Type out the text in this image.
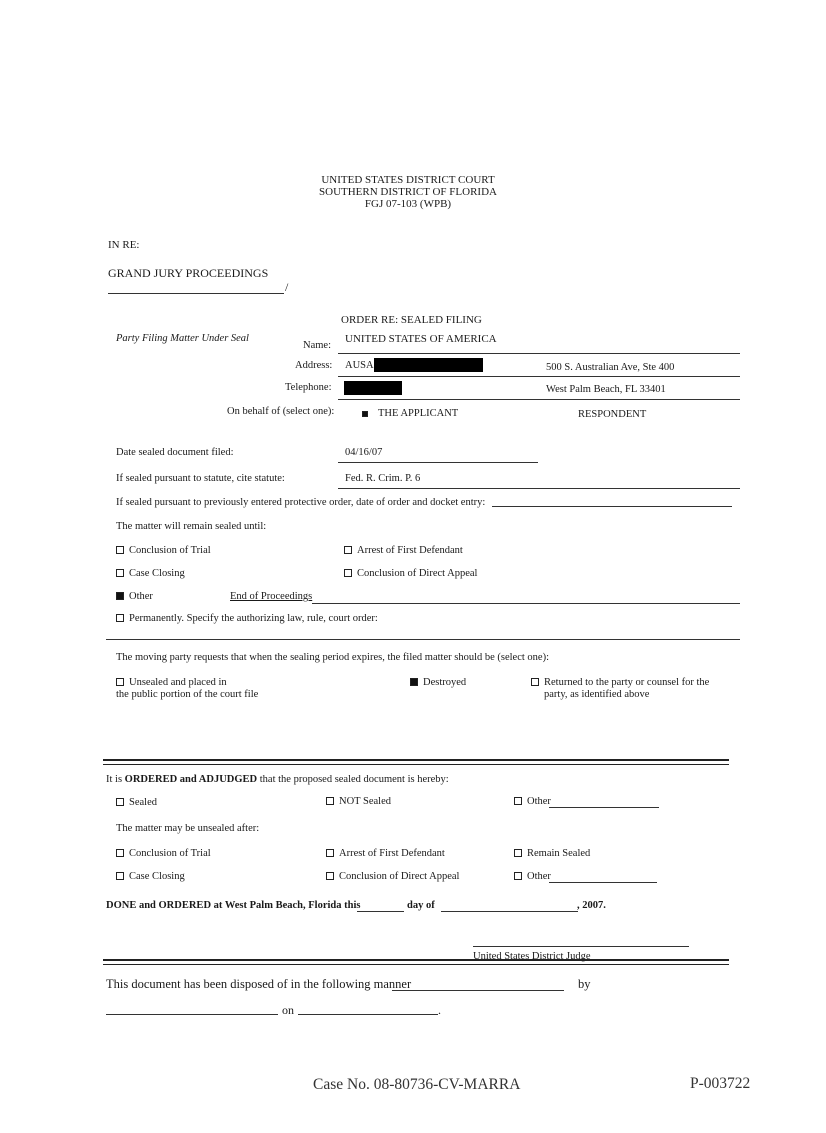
UNITED STATES DISTRICT COURT
SOUTHERN DISTRICT OF FLORIDA
FGJ 07-103 (WPB)
IN RE:
GRAND JURY PROCEEDINGS
/
ORDER RE: SEALED FILING
Party Filing Matter Under Seal
Name:
UNITED STATES OF AMERICA
Address: AUSA	500 S. Australian Ave, Ste 400
Telephone:	West Palm Beach, FL 33401
On behalf of (select one):	THE APPLICANT	RESPONDENT
Date sealed document filed:	04/16/07
If sealed pursuant to statute, cite statute:	Fed. R. Crim. P. 6
If sealed pursuant to previously entered protective order, date of order and docket entry:
The matter will remain sealed until:
Conclusion of Trial	Arrest of First Defendant
Case Closing	Conclusion of Direct Appeal
Other	End of Proceedings
Permanently. Specify the authorizing law, rule, court order:
The moving party requests that when the sealing period expires, the filed matter should be (select one):
Unsealed and placed in
the public portion of the court file
Destroyed	Returned to the party or counsel for the
party, as identified above
It is ORDERED and ADJUDGED that the proposed sealed document is hereby:
Sealed	NOT Sealed	Other
The matter may be unsealed after:
Conclusion of Trial	Arrest of First Defendant	Remain Sealed
Case Closing	Conclusion of Direct Appeal	Other
DONE and ORDERED at West Palm Beach, Florida this	day of	, 2007.
United States District Judge
This document has been disposed of in the following manner	by
on	.
Case No. 08-80736-CV-MARRA	P-003722
